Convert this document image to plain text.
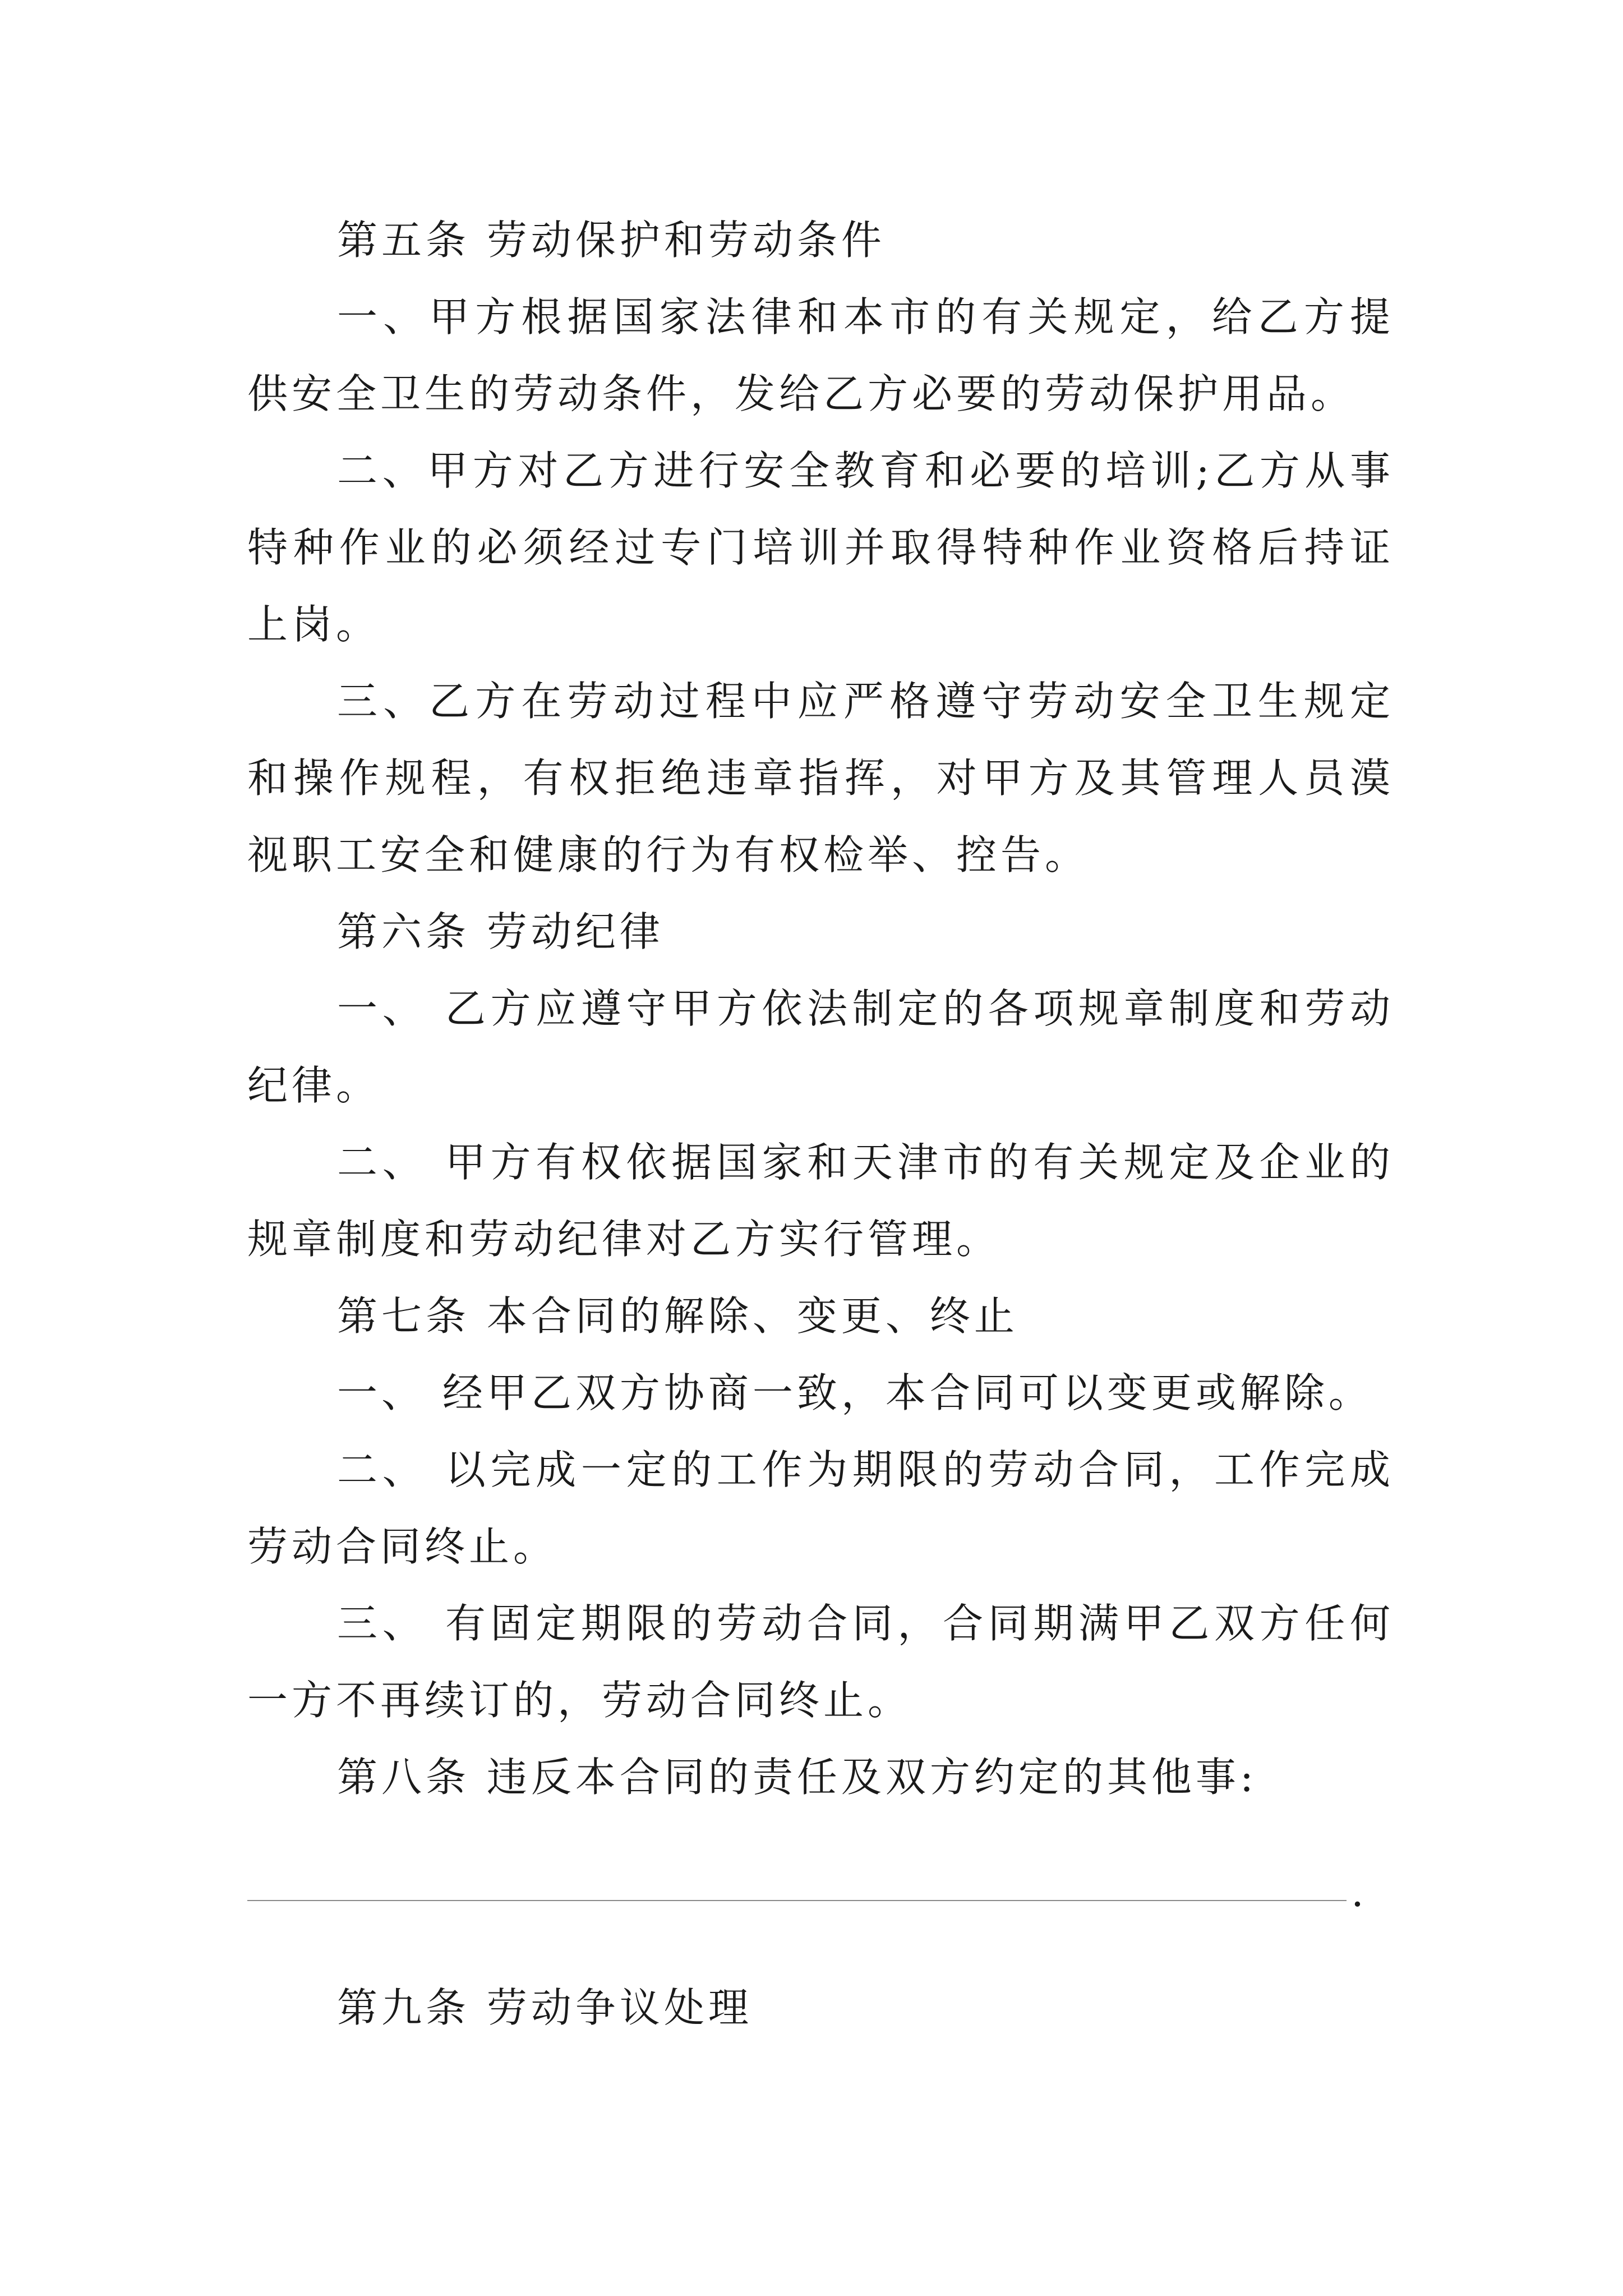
第五条 劳动保护和劳动条件

一、甲方根据国家法律和本市的有关规定，给乙方提供安全卫生的劳动条件，发给乙方必要的劳动保护用品。

二、甲方对乙方进行安全教育和必要的培训;乙方从事特种作业的必须经过专门培训并取得特种作业资格后持证上岗。

三、乙方在劳动过程中应严格遵守劳动安全卫生规定和操作规程，有权拒绝违章指挥，对甲方及其管理人员漠视职工安全和健康的行为有权检举、控告。

第六条 劳动纪律

一、 乙方应遵守甲方依法制定的各项规章制度和劳动纪律。

二、 甲方有权依据国家和天津市的有关规定及企业的规章制度和劳动纪律对乙方实行管理。

第七条 本合同的解除、变更、终止

一、 经甲乙双方协商一致，本合同可以变更或解除。

二、 以完成一定的工作为期限的劳动合同，工作完成劳动合同终止。

三、 有固定期限的劳动合同，合同期满甲乙双方任何一方不再续订的，劳动合同终止。

第八条 违反本合同的责任及双方约定的其他事:

.

第九条 劳动争议处理
